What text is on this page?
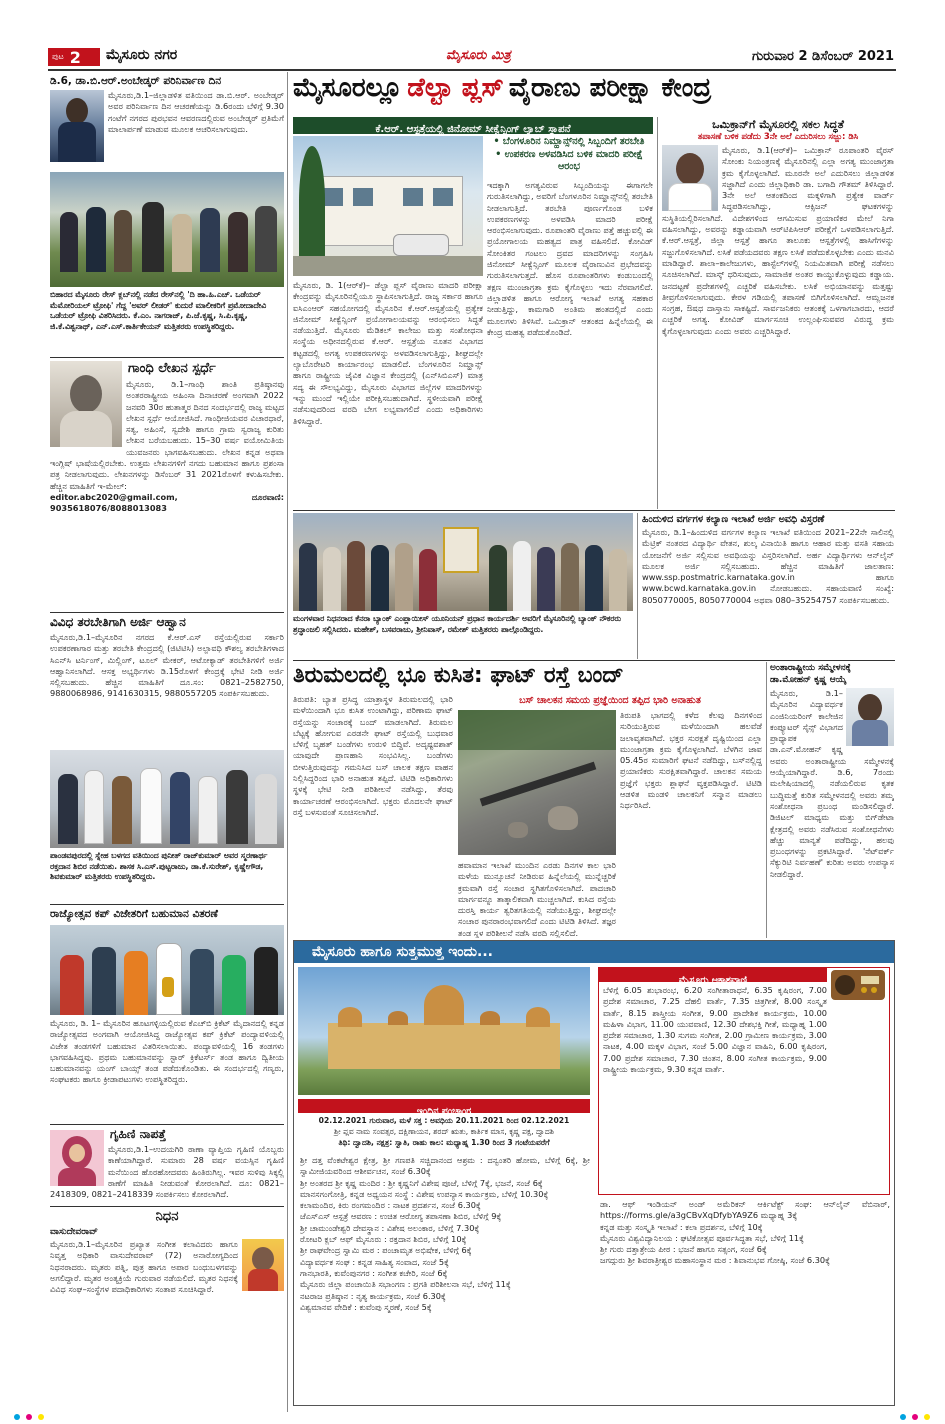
ಪುಟ 2 ಮೈಸೂರು ನಗರ	ಮೈಸೂರು ಮಿತ್ರ	ಗುರುವಾರ 2 ಡಿಸೆಂಬರ್ 2021
ಡಿ.6, ಡಾ.ಬಿ.ಆರ್.ಅಂಬೇಡ್ಕರ್ ಪರಿನಿರ್ವಾಣ ದಿನ
ಮೈಸೂರು,ಡಿ.1–ಜಿಲ್ಲಾಡಳಿತ ವತಿಯಿಂದ ಡಾ.ಬಿ.ಆರ್. ಅಂಬೇಡ್ಕರ್ ಅವರ ಪರಿನಿರ್ವಾಣ ದಿನ ಆಚರಣೆಯನ್ನು ಡಿ.6ರಂದು ಬೆಳಿಗ್ಗೆ 9.30 ಗಂಟೆಗೆ ನಗರದ ಪುರಭವನ ಆವರಣದಲ್ಲಿರುವ ಅಂಬೇಡ್ಕರ್ ಪ್ರತಿಮೆಗೆ ಮಾಲಾರ್ಪಣೆ ಮಾಡುವ ಮೂಲಕ ಆಚರಿಸಲಾಗುವುದು.
ಬಿಹಾರದ ಮೈಸೂರು ರೇಸ್ ಕ್ಲಬ್‌ನಲ್ಲಿ ನಡೆದ ರೇಸ್‌ನಲ್ಲಿ 'ದಿ ಹಾ.ಹಿ.ಎಚ್. ಒಡೆಯರ್ ಮೆಮೋರಿಯಲ್ ಟ್ರೋಫಿ' ಗೆದ್ದ 'ಅವರ್ ಲೀಡರ್' ಕುದುರೆ ಮಾಲೀಕರಿಗೆ ಪ್ರಮೋದಾದೇವಿ ಒಡೆಯರ್ ಟ್ರೋಫಿ ವಿತರಿಸಿದರು. ಕೆ.ಎಂ. ನಾಗರಾಜ್, ಪಿ.ಜೆ.ಕೃಷ್ಣ, ಸಿ.ಪಿ.ಕೃಷ್ಣ, ಜಿ.ಕೆ.ವಿಶ್ವನಾಥ್, ಎನ್.ಎಸ್.ಕಾರ್ತಿಕೇಯನ್ ಮತ್ತಿತರರು ಉಪಸ್ಥಿತರಿದ್ದರು.
ಗಾಂಧಿ ಲೇಖನ ಸ್ಪರ್ಧೆ
ಮೈಸೂರು, ಡಿ.1–ಗಾಂಧಿ ಶಾಂತಿ ಪ್ರತಿಷ್ಠಾನವು ಅಂತರರಾಷ್ಟ್ರೀಯ ಅಹಿಂಸಾ ದಿನಾಚರಣೆ ಅಂಗವಾಗಿ 2022 ಜನವರಿ 30ರ ಹುತಾತ್ಮರ ದಿನದ ಸಂದರ್ಭದಲ್ಲಿ ರಾಜ್ಯ ಮಟ್ಟದ ಲೇಖನ ಸ್ಪರ್ಧೆ ಆಯೋಜಿಸಿದೆ. ಗಾಂಧೀಜಿಯವರ ವಿಚಾರಧಾರೆ, ಸತ್ಯ, ಅಹಿಂಸೆ, ಸ್ವದೇಶಿ ಹಾಗೂ ಗ್ರಾಮ ಸ್ವರಾಜ್ಯ ಕುರಿತು ಲೇಖನ ಬರೆಯಬಹುದು. 15–30 ವರ್ಷ ವಯೋಮಿತಿಯ ಯುವಜನರು ಭಾಗವಹಿಸಬಹುದು. ಲೇಖನ ಕನ್ನಡ ಅಥವಾ ಇಂಗ್ಲಿಷ್ ಭಾಷೆಯಲ್ಲಿರಬೇಕು. ಉತ್ತಮ ಲೇಖನಗಳಿಗೆ ನಗದು ಬಹುಮಾನ ಹಾಗೂ ಪ್ರಶಂಸಾ ಪತ್ರ ನೀಡಲಾಗುವುದು. ಲೇಖನಗಳನ್ನು ಡಿಸೆಂಬರ್ 31 2021ರೊಳಗೆ ಕಳುಹಿಸಬೇಕು. ಹೆಚ್ಚಿನ ಮಾಹಿತಿಗೆ ಇ-ಮೇಲ್:
editor.abc2020@gmail.com, ದೂರವಾಣಿ: 9035618076/8088013083
ವಿವಿಧ ತರಬೇತಿಗಾಗಿ ಅರ್ಜಿ ಆಹ್ವಾನ
ಮೈಸೂರು,ಡಿ.1–ಮೈಸೂರಿನ ನಗರದ ಕೆ.ಆರ್.ಎಸ್ ರಸ್ತೆಯಲ್ಲಿರುವ ಸರ್ಕಾರಿ ಉಪಕರಣಾಗಾರ ಮತ್ತು ತರಬೇತಿ ಕೇಂದ್ರದಲ್ಲಿ (ಜಿಟಿಟಿಸಿ) ಅಲ್ಪಾವಧಿ ಕೌಶಲ್ಯ ತರಬೇತಿಗಳಾದ ಸಿಎನ್‌ಸಿ ಟರ್ನಿಂಗ್, ಮಿಲ್ಲಿಂಗ್, ಟೂಲ್ ಮೇಕರ್, ಆಟೋಕ್ಯಾಡ್ ತರಬೇತಿಗಳಿಗೆ ಅರ್ಜಿ ಆಹ್ವಾನಿಸಲಾಗಿದೆ. ಆಸಕ್ತ ಅಭ್ಯರ್ಥಿಗಳು ಡಿ.15ರೊಳಗೆ ಕೇಂದ್ರಕ್ಕೆ ಭೇಟಿ ನೀಡಿ ಅರ್ಜಿ ಸಲ್ಲಿಸಬಹುದು. ಹೆಚ್ಚಿನ ಮಾಹಿತಿಗೆ ದೂ.ಸಂ: 0821–2582750, 9880068986, 9141630315, 9880557205 ಸಂಪರ್ಕಿಸಬಹುದು.
ಪಾಂಡವಪುರದಲ್ಲಿ ಸ್ನೇಹ ಬಳಗದ ವತಿಯಿಂದ ಪುನೀತ್ ರಾಜ್‌ಕುಮಾರ್ ಅವರ ಸ್ಮರಣಾರ್ಥ ರಕ್ತದಾನ ಶಿಬಿರ ನಡೆಯಿತು. ಶಾಸಕ ಸಿ.ಎಸ್.ಪುಟ್ಟರಾಜು, ಡಾ.ಕೆ.ಸುರೇಶ್, ಕೃಷ್ಣೇಗೌಡ, ಶಿವಕುಮಾರ್ ಮತ್ತಿತರರು ಉಪಸ್ಥಿತರಿದ್ದರು.
ರಾಜ್ಯೋತ್ಸವ ಕಪ್ ವಿಜೇತರಿಗೆ ಬಹುಮಾನ ವಿತರಣೆ
ಮೈಸೂರು, ಡಿ. 1– ಮೈಸೂರಿನ ಹೂಟಗಳ್ಳಿಯಲ್ಲಿರುವ ಕೆಎಚ್‌ಬಿ ಕ್ರಿಕೆಟ್ ಮೈದಾನದಲ್ಲಿ ಕನ್ನಡ ರಾಜ್ಯೋತ್ಸವದ ಅಂಗವಾಗಿ ಆಯೋಜಿಸಿದ್ದ ರಾಜ್ಯೋತ್ಸವ ಕಪ್ ಕ್ರಿಕೆಟ್ ಪಂದ್ಯಾವಳಿಯಲ್ಲಿ ವಿಜೇತ ತಂಡಗಳಿಗೆ ಬಹುಮಾನ ವಿತರಿಸಲಾಯಿತು. ಪಂದ್ಯಾವಳಿಯಲ್ಲಿ 16 ತಂಡಗಳು ಭಾಗವಹಿಸಿದ್ದವು. ಪ್ರಥಮ ಬಹುಮಾನವನ್ನು ಸ್ಟಾರ್ ಕ್ರಿಕೆಟರ್ಸ್ ತಂಡ ಹಾಗೂ ದ್ವಿತೀಯ ಬಹುಮಾನವನ್ನು ಯಂಗ್ ಬಾಯ್ಸ್ ತಂಡ ಪಡೆದುಕೊಂಡಿತು. ಈ ಸಂದರ್ಭದಲ್ಲಿ ಗಣ್ಯರು, ಸಂಘಟಕರು ಹಾಗೂ ಕ್ರೀಡಾಪಟುಗಳು ಉಪಸ್ಥಿತರಿದ್ದರು.
ಗೃಹಿಣಿ ನಾಪತ್ತೆ
ಮೈಸೂರು,ಡಿ.1–ಉದಯಗಿರಿ ಠಾಣಾ ವ್ಯಾಪ್ತಿಯ ಗೃಹಿಣಿ ಯೊಬ್ಬರು ಕಾಣೆಯಾಗಿದ್ದಾರೆ. ಸುಮಾರು 28 ವರ್ಷ ವಯಸ್ಸಿನ ಗೃಹಿಣಿ ಮನೆಯಿಂದ ಹೊರಹೋದವರು ಹಿಂತಿರುಗಿಲ್ಲ. ಇವರ ಸುಳಿವು ಸಿಕ್ಕಲ್ಲಿ ಠಾಣೆಗೆ ಮಾಹಿತಿ ನೀಡುವಂತೆ ಕೋರಲಾಗಿದೆ. ದೂ: 0821–2418309, 0821–2418339 ಸಂಪರ್ಕಿಸಲು ಕೋರಲಾಗಿದೆ.
ನಿಧನ
ವಾಸುದೇವರಾವ್
ಮೈಸೂರು,ಡಿ.1–ಮೈಸೂರಿನ ಪ್ರಖ್ಯಾತ ಸಂಗೀತ ಕಲಾವಿದರು ಹಾಗೂ ನಿವೃತ್ತ ಅಧಿಕಾರಿ ವಾಸುದೇವರಾವ್ (72) ಅನಾರೋಗ್ಯದಿಂದ ನಿಧನರಾದರು. ಮೃತರು ಪತ್ನಿ, ಪುತ್ರ ಹಾಗೂ ಅಪಾರ ಬಂಧುಬಳಗವನ್ನು ಅಗಲಿದ್ದಾರೆ. ಮೃತರ ಅಂತ್ಯಕ್ರಿಯೆ ಗುರುವಾರ ನಡೆಯಲಿದೆ. ಮೃತರ ನಿಧನಕ್ಕೆ ವಿವಿಧ ಸಂಘ–ಸಂಸ್ಥೆಗಳ ಪದಾಧಿಕಾರಿಗಳು ಸಂತಾಪ ಸೂಚಿಸಿದ್ದಾರೆ.
ಮೈಸೂರಲ್ಲೂ ಡೆಲ್ಟಾ ಪ್ಲಸ್ ವೈರಾಣು ಪರೀಕ್ಷಾ ಕೇಂದ್ರ
ಕೆ.ಆರ್. ಆಸ್ಪತ್ರೆಯಲ್ಲಿ ಜಿನೋಮ್ ಸೀಕ್ವೆನ್ಸಿಂಗ್ ಲ್ಯಾಬ್ ಸ್ಥಾಪನೆ
• ಬೆಂಗಳೂರಿನ ನಿಮ್ಹಾನ್ಸ್‌ನಲ್ಲಿ ಸಿಬ್ಬಂದಿಗೆ ತರಬೇತಿ
• ಉಪಕರಣ ಅಳವಡಿಸಿದ ಬಳಿಕ ಮಾದರಿ ಪರೀಕ್ಷೆ ಆರಂಭ
ಮೈಸೂರು, ಡಿ. 1(ಆರ್‌ಕೆ)– ಡೆಲ್ಟಾ ಪ್ಲಸ್ ವೈರಾಣು ಮಾದರಿ ಪರೀಕ್ಷಾ ಕೇಂದ್ರವನ್ನು ಮೈಸೂರಿನಲ್ಲಿಯೂ ಸ್ಥಾಪಿಸಲಾಗುತ್ತಿದೆ. ರಾಜ್ಯ ಸರ್ಕಾರ ಹಾಗೂ ಐಸಿಎಂಆರ್ ಸಹಯೋಗದಲ್ಲಿ ಮೈಸೂರಿನ ಕೆ.ಆರ್.ಆಸ್ಪತ್ರೆಯಲ್ಲಿ ಪ್ರತ್ಯೇಕ ಜಿನೋಮ್ ಸೀಕ್ವೆನ್ಸಿಂಗ್ ಪ್ರಯೋಗಾಲಯವನ್ನು ಆರಂಭಿಸಲು ಸಿದ್ಧತೆ ನಡೆಯುತ್ತಿದೆ. ಮೈಸೂರು ಮೆಡಿಕಲ್ ಕಾಲೇಜು ಮತ್ತು ಸಂಶೋಧನಾ ಸಂಸ್ಥೆಯ ಅಧೀನದಲ್ಲಿರುವ ಕೆ.ಆರ್. ಆಸ್ಪತ್ರೆಯ ನೂತನ ವಿಭಾಗದ ಕಟ್ಟಡದಲ್ಲಿ ಅಗತ್ಯ ಉಪಕರಣಗಳನ್ನು ಅಳವಡಿಸಲಾಗುತ್ತಿದ್ದು, ಶೀಘ್ರದಲ್ಲೇ ಲ್ಯಾಬೊರೇಟರಿ ಕಾರ್ಯಾರಂಭ ಮಾಡಲಿದೆ. ಬೆಂಗಳೂರಿನ ನಿಮ್ಹಾನ್ಸ್ ಹಾಗೂ ರಾಷ್ಟ್ರೀಯ ಜೈವಿಕ ವಿಜ್ಞಾನ ಕೇಂದ್ರದಲ್ಲಿ (ಎನ್‌ಸಿಬಿಎಸ್) ಮಾತ್ರ ಸದ್ಯ ಈ ಸೌಲಭ್ಯವಿದ್ದು, ಮೈಸೂರು ವಿಭಾಗದ ಜಿಲ್ಲೆಗಳ ಮಾದರಿಗಳನ್ನು ಇನ್ನು ಮುಂದೆ ಇಲ್ಲಿಯೇ ಪರೀಕ್ಷಿಸಬಹುದಾಗಿದೆ. ಸ್ಥಳೀಯವಾಗಿ ಪರೀಕ್ಷೆ ನಡೆಸುವುದರಿಂದ ವರದಿ ಬೇಗ ಲಭ್ಯವಾಗಲಿದೆ ಎಂದು ಅಧಿಕಾರಿಗಳು ತಿಳಿಸಿದ್ದಾರೆ.
ಇದಕ್ಕಾಗಿ ಅಗತ್ಯವಿರುವ ಸಿಬ್ಬಂದಿಯನ್ನು ಈಗಾಗಲೇ ಗುರುತಿಸಲಾಗಿದ್ದು, ಅವರಿಗೆ ಬೆಂಗಳೂರಿನ ನಿಮ್ಹಾನ್ಸ್‌ನಲ್ಲಿ ತರಬೇತಿ ನೀಡಲಾಗುತ್ತಿದೆ. ತರಬೇತಿ ಪೂರ್ಣಗೊಂಡ ಬಳಿಕ ಉಪಕರಣಗಳನ್ನು ಅಳವಡಿಸಿ ಮಾದರಿ ಪರೀಕ್ಷೆ ಆರಂಭಿಸಲಾಗುವುದು. ರೂಪಾಂತರಿ ವೈರಾಣು ಪತ್ತೆ ಹಚ್ಚುವಲ್ಲಿ ಈ ಪ್ರಯೋಗಾಲಯ ಮಹತ್ವದ ಪಾತ್ರ ವಹಿಸಲಿದೆ. ಕೋವಿಡ್ ಸೋಂಕಿತರ ಗಂಟಲು ದ್ರವದ ಮಾದರಿಗಳನ್ನು ಸಂಗ್ರಹಿಸಿ ಜಿನೋಮ್ ಸೀಕ್ವೆನ್ಸಿಂಗ್ ಮೂಲಕ ವೈರಾಣುವಿನ ಪ್ರಭೇದವನ್ನು ಗುರುತಿಸಲಾಗುತ್ತದೆ. ಹೊಸ ರೂಪಾಂತರಿಗಳು ಕಂಡುಬಂದಲ್ಲಿ ತಕ್ಷಣ ಮುಂಜಾಗ್ರತಾ ಕ್ರಮ ಕೈಗೊಳ್ಳಲು ಇದು ನೆರವಾಗಲಿದೆ. ಜಿಲ್ಲಾಡಳಿತ ಹಾಗೂ ಆರೋಗ್ಯ ಇಲಾಖೆ ಅಗತ್ಯ ಸಹಕಾರ ನೀಡುತ್ತಿದ್ದು, ಕಾಮಗಾರಿ ಅಂತಿಮ ಹಂತದಲ್ಲಿದೆ ಎಂದು ಮೂಲಗಳು ತಿಳಿಸಿವೆ. ಒಮಿಕ್ರಾನ್ ಆತಂಕದ ಹಿನ್ನೆಲೆಯಲ್ಲಿ ಈ ಕೇಂದ್ರ ಮಹತ್ವ ಪಡೆದುಕೊಂಡಿದೆ.
ಒಮಿಕ್ರಾನ್‌ಗೆ ಮೈಸೂರಲ್ಲಿ ಸಕಲ ಸಿದ್ಧತೆ
ತಪಾಸಣೆ ಬಳಿಕ ಪಡೆದು 3ನೇ ಅಲೆ ಎದುರಿಸಲು ಸಜ್ಜು: ಡಿಸಿ
ಮೈಸೂರು, ಡಿ.1(ಆರ್‌ಕೆ)– ಒಮಿಕ್ರಾನ್ ರೂಪಾಂತರಿ ವೈರಸ್ ಸೋಂಕು ನಿಯಂತ್ರಣಕ್ಕೆ ಮೈಸೂರಿನಲ್ಲಿ ಎಲ್ಲಾ ಅಗತ್ಯ ಮುಂಜಾಗ್ರತಾ ಕ್ರಮ ಕೈಗೊಳ್ಳಲಾಗಿದೆ. ಮೂರನೇ ಅಲೆ ಎದುರಿಸಲು ಜಿಲ್ಲಾಡಳಿತ ಸಜ್ಜಾಗಿದೆ ಎಂದು ಜಿಲ್ಲಾಧಿಕಾರಿ ಡಾ. ಬಗಾದಿ ಗೌತಮ್ ತಿಳಿಸಿದ್ದಾರೆ. 3ನೇ ಅಲೆ ಆತಂಕದಿಂದ ಮಕ್ಕಳಿಗಾಗಿ ಪ್ರತ್ಯೇಕ ವಾರ್ಡ್ ಸಿದ್ಧಪಡಿಸಲಾಗಿದ್ದು, ಆಕ್ಸಿಜನ್ ಘಟಕಗಳನ್ನು ಸುಸ್ಥಿತಿಯಲ್ಲಿರಿಸಲಾಗಿದೆ. ವಿದೇಶಗಳಿಂದ ಆಗಮಿಸುವ ಪ್ರಯಾಣಿಕರ ಮೇಲೆ ನಿಗಾ ವಹಿಸಲಾಗಿದ್ದು, ಅವರನ್ನು ಕಡ್ಡಾಯವಾಗಿ ಆರ್‌ಟಿಪಿಸಿಆರ್ ಪರೀಕ್ಷೆಗೆ ಒಳಪಡಿಸಲಾಗುತ್ತಿದೆ. ಕೆ.ಆರ್.ಆಸ್ಪತ್ರೆ, ಜಿಲ್ಲಾ ಆಸ್ಪತ್ರೆ ಹಾಗೂ ತಾಲೂಕು ಆಸ್ಪತ್ರೆಗಳಲ್ಲಿ ಹಾಸಿಗೆಗಳನ್ನು ಸಜ್ಜುಗೊಳಿಸಲಾಗಿದೆ. ಲಸಿಕೆ ಪಡೆಯದವರು ತಕ್ಷಣ ಲಸಿಕೆ ಪಡೆದುಕೊಳ್ಳಬೇಕು ಎಂದು ಮನವಿ ಮಾಡಿದ್ದಾರೆ. ಶಾಲಾ–ಕಾಲೇಜುಗಳು, ಹಾಸ್ಟೆಲ್‌ಗಳಲ್ಲಿ ನಿಯಮಿತವಾಗಿ ಪರೀಕ್ಷೆ ನಡೆಸಲು ಸೂಚಿಸಲಾಗಿದೆ. ಮಾಸ್ಕ್ ಧರಿಸುವುದು, ಸಾಮಾಜಿಕ ಅಂತರ ಕಾಯ್ದುಕೊಳ್ಳುವುದು ಕಡ್ಡಾಯ. ಜನದಟ್ಟಣೆ ಪ್ರದೇಶಗಳಲ್ಲಿ ಎಚ್ಚರಿಕೆ ವಹಿಸಬೇಕು. ಲಸಿಕೆ ಅಭಿಯಾನವನ್ನು ಮತ್ತಷ್ಟು ತೀವ್ರಗೊಳಿಸಲಾಗುವುದು. ಕೇರಳ ಗಡಿಯಲ್ಲಿ ತಪಾಸಣೆ ಬಿಗಿಗೊಳಿಸಲಾಗಿದೆ. ಆಮ್ಲಜನಕ ಸಂಗ್ರಹ, ಔಷಧ ದಾಸ್ತಾನು ಸಾಕಷ್ಟಿದೆ. ಸಾರ್ವಜನಿಕರು ಆತಂಕಕ್ಕೆ ಒಳಗಾಗಬಾರದು, ಆದರೆ ಎಚ್ಚರಿಕೆ ಅಗತ್ಯ. ಕೋವಿಡ್ ಮಾರ್ಗಸೂಚಿ ಉಲ್ಲಂಘಿಸುವವರ ವಿರುದ್ಧ ಕ್ರಮ ಕೈಗೊಳ್ಳಲಾಗುವುದು ಎಂದು ಅವರು ಎಚ್ಚರಿಸಿದ್ದಾರೆ.
ಮಂಗಳವಾರ ನಿಧನರಾದ ಕೆನರಾ ಬ್ಯಾಂಕ್ ಎಂಪ್ಲಾಯೀಸ್ ಯೂನಿಯನ್ ಪ್ರಧಾನ ಕಾರ್ಯದರ್ಶಿ ಅವರಿಗೆ ಮೈಸೂರಿನಲ್ಲಿ ಬ್ಯಾಂಕ್ ನೌಕರರು ಶ್ರದ್ಧಾಂಜಲಿ ಸಲ್ಲಿಸಿದರು. ಮಹೇಶ್, ಬಸವರಾಜು, ಶ್ರೀನಿವಾಸ್, ರಮೇಶ್ ಮತ್ತಿತರರು ಪಾಲ್ಗೊಂಡಿದ್ದರು.
ಹಿಂದುಳಿದ ವರ್ಗಗಳ ಕಲ್ಯಾಣ ಇಲಾಖೆ ಅರ್ಜಿ ಅವಧಿ ವಿಸ್ತರಣೆ
ಮೈಸೂರು, ಡಿ.1–ಹಿಂದುಳಿದ ವರ್ಗಗಳ ಕಲ್ಯಾಣ ಇಲಾಖೆ ವತಿಯಿಂದ 2021–22ನೇ ಸಾಲಿನಲ್ಲಿ ಮೆಟ್ರಿಕ್ ನಂತರದ ವಿದ್ಯಾರ್ಥಿ ವೇತನ, ಶುಲ್ಕ ವಿನಾಯಿತಿ ಹಾಗೂ ಆಹಾರ ಮತ್ತು ವಸತಿ ಸಹಾಯ ಯೋಜನೆಗೆ ಅರ್ಜಿ ಸಲ್ಲಿಸುವ ಅವಧಿಯನ್ನು ವಿಸ್ತರಿಸಲಾಗಿದೆ. ಅರ್ಹ ವಿದ್ಯಾರ್ಥಿಗಳು ಆನ್‌ಲೈನ್ ಮೂಲಕ ಅರ್ಜಿ ಸಲ್ಲಿಸಬಹುದು. ಹೆಚ್ಚಿನ ಮಾಹಿತಿಗೆ ಜಾಲತಾಣ: www.ssp.postmatric.karnataka.gov.in ಹಾಗೂ www.bcwd.karnataka.gov.in ನೋಡಬಹುದು. ಸಹಾಯವಾಣಿ ಸಂಖ್ಯೆ: 8050770005, 8050770004 ಅಥವಾ 080–35254757 ಸಂಪರ್ಕಿಸಬಹುದು.
ತಿರುಮಲದಲ್ಲಿ ಭೂ ಕುಸಿತ: ಘಾಟ್ ರಸ್ತೆ ಬಂದ್
ಬಸ್ ಚಾಲಕನ ಸಮಯ ಪ್ರಜ್ಞೆಯಿಂದ ತಪ್ಪಿದ ಭಾರಿ ಅನಾಹುತ
ತಿರುಪತಿ: ಬ್ಯಾತ ಪ್ರಸಿದ್ಧ ಯಾತ್ರಾಸ್ಥಳ ತಿರುಮಲದಲ್ಲಿ ಭಾರಿ ಮಳೆಯಿಂದಾಗಿ ಭೂ ಕುಸಿತ ಉಂಟಾಗಿದ್ದು, ಪರಿಣಾಮ ಘಾಟ್ ರಸ್ತೆಯನ್ನು ಸಂಚಾರಕ್ಕೆ ಬಂದ್ ಮಾಡಲಾಗಿದೆ. ತಿರುಮಲ ಬೆಟ್ಟಕ್ಕೆ ಹೋಗುವ ಎರಡನೇ ಘಾಟ್ ರಸ್ತೆಯಲ್ಲಿ ಬುಧವಾರ ಬೆಳಿಗ್ಗೆ ಬೃಹತ್ ಬಂಡೆಗಳು ಉರುಳಿ ಬಿದ್ದಿವೆ. ಅದೃಷ್ಟವಶಾತ್ ಯಾವುದೇ ಪ್ರಾಣಹಾನಿ ಸಂಭವಿಸಿಲ್ಲ. ಬಂಡೆಗಳು ಬೀಳುತ್ತಿರುವುದನ್ನು ಗಮನಿಸಿದ ಬಸ್ ಚಾಲಕ ತಕ್ಷಣ ವಾಹನ ನಿಲ್ಲಿಸಿದ್ದರಿಂದ ಭಾರಿ ಅನಾಹುತ ತಪ್ಪಿದೆ. ಟಿಟಿಡಿ ಅಧಿಕಾರಿಗಳು ಸ್ಥಳಕ್ಕೆ ಭೇಟಿ ನೀಡಿ ಪರಿಶೀಲನೆ ನಡೆಸಿದ್ದು, ತೆರವು ಕಾರ್ಯಾಚರಣೆ ಆರಂಭಿಸಲಾಗಿದೆ. ಭಕ್ತರು ಮೊದಲನೇ ಘಾಟ್ ರಸ್ತೆ ಬಳಸುವಂತೆ ಸೂಚಿಸಲಾಗಿದೆ.
ಹವಾಮಾನ ಇಲಾಖೆ ಮುಂದಿನ ಎರಡು ದಿನಗಳ ಕಾಲ ಭಾರಿ ಮಳೆಯ ಮುನ್ಸೂಚನೆ ನೀಡಿರುವ ಹಿನ್ನೆಲೆಯಲ್ಲಿ ಮುನ್ನೆಚ್ಚರಿಕೆ ಕ್ರಮವಾಗಿ ರಸ್ತೆ ಸಂಚಾರ ಸ್ಥಗಿತಗೊಳಿಸಲಾಗಿದೆ. ಪಾದಚಾರಿ ಮಾರ್ಗವನ್ನೂ ತಾತ್ಕಾಲಿಕವಾಗಿ ಮುಚ್ಚಲಾಗಿದೆ. ಕುಸಿದ ರಸ್ತೆಯ ದುರಸ್ತಿ ಕಾರ್ಯ ತ್ವರಿತಗತಿಯಲ್ಲಿ ನಡೆಯುತ್ತಿದ್ದು, ಶೀಘ್ರದಲ್ಲೇ ಸಂಚಾರ ಪುನರಾರಂಭವಾಗಲಿದೆ ಎಂದು ಟಿಟಿಡಿ ತಿಳಿಸಿದೆ. ತಜ್ಞರ ತಂಡ ಸ್ಥಳ ಪರಿಶೀಲನೆ ನಡೆಸಿ ವರದಿ ಸಲ್ಲಿಸಲಿದೆ.
ತಿರುಪತಿ ಭಾಗದಲ್ಲಿ ಕಳೆದ ಕೆಲವು ದಿನಗಳಿಂದ ಸುರಿಯುತ್ತಿರುವ ಮಳೆಯಿಂದಾಗಿ ಹಲವೆಡೆ ಜಲಾವೃತವಾಗಿದೆ. ಭಕ್ತರ ಸುರಕ್ಷತೆ ದೃಷ್ಟಿಯಿಂದ ಎಲ್ಲಾ ಮುಂಜಾಗ್ರತಾ ಕ್ರಮ ಕೈಗೊಳ್ಳಲಾಗಿದೆ. ಬೆಳಗಿನ ಜಾವ 05.45ರ ಸುಮಾರಿಗೆ ಘಟನೆ ನಡೆದಿದ್ದು, ಬಸ್‌ನಲ್ಲಿದ್ದ ಪ್ರಯಾಣಿಕರು ಸುರಕ್ಷಿತವಾಗಿದ್ದಾರೆ. ಚಾಲಕನ ಸಮಯ ಪ್ರಜ್ಞೆಗೆ ಭಕ್ತರು ಶ್ಲಾಘನೆ ವ್ಯಕ್ತಪಡಿಸಿದ್ದಾರೆ. ಟಿಟಿಡಿ ಆಡಳಿತ ಮಂಡಳಿ ಚಾಲಕನಿಗೆ ಸನ್ಮಾನ ಮಾಡಲು ನಿರ್ಧರಿಸಿದೆ.
ಅಂತಾರಾಷ್ಟ್ರೀಯ ಸಮ್ಮೇಳನಕ್ಕೆ ಡಾ.ಮೋಹನ್ ಕೃಷ್ಣ ಆಯ್ಕೆ
ಮೈಸೂರು, ಡಿ.1–ಮೈಸೂರಿನ ವಿದ್ಯಾವರ್ಧಕ ಎಂಜಿನಿಯರಿಂಗ್ ಕಾಲೇಜಿನ ಕಂಪ್ಯೂಟರ್ ಸೈನ್ಸ್ ವಿಭಾಗದ ಪ್ರಾಧ್ಯಾಪಕ ಡಾ.ಎನ್.ಮೋಹನ್ ಕೃಷ್ಣ ಅವರು ಅಂತಾರಾಷ್ಟ್ರೀಯ ಸಮ್ಮೇಳನಕ್ಕೆ ಆಯ್ಕೆಯಾಗಿದ್ದಾರೆ. ಡಿ.6, 7ರಂದು ಮಲೇಷಿಯಾದಲ್ಲಿ ನಡೆಯಲಿರುವ ಕೃತಕ ಬುದ್ಧಿಮತ್ತೆ ಕುರಿತ ಸಮ್ಮೇಳನದಲ್ಲಿ ಅವರು ತಮ್ಮ ಸಂಶೋಧನಾ ಪ್ರಬಂಧ ಮಂಡಿಸಲಿದ್ದಾರೆ. ಡಿಜಿಟಲ್ ಮಾಧ್ಯಮ ಮತ್ತು ಬಿಗ್‌ಡೇಟಾ ಕ್ಷೇತ್ರದಲ್ಲಿ ಅವರು ನಡೆಸಿರುವ ಸಂಶೋಧನೆಗಳು ಹೆಚ್ಚು ಮಾನ್ಯತೆ ಪಡೆದಿದ್ದು, ಹಲವು ಪ್ರಬಂಧಗಳನ್ನು ಪ್ರಕಟಿಸಿದ್ದಾರೆ. 'ನೆಟ್‌ವರ್ಕ್ ಸೆಕ್ಯುರಿಟಿ ನಿರ್ವಹಣೆ' ಕುರಿತು ಅವರು ಉಪನ್ಯಾಸ ನೀಡಲಿದ್ದಾರೆ.
ಮೈಸೂರು ಹಾಗೂ ಸುತ್ತಮುತ್ತ ಇಂದು...
ಇಂದಿನ ಪಂಚಾಂಗ
02.12.2021 ಗುರುವಾರ, ಮಳೆ ಸಕ್ತ : ಅವಧಿಯ 20.11.2021 ರಿಂದ 02.12.2021
ಶ್ರೀ ಪ್ಲವ ನಾಮ ಸಂವತ್ಸರ, ದಕ್ಷಿಣಾಯನ, ಶರದ್ ಋತು, ಕಾರ್ತಿಕ ಮಾಸ, ಕೃಷ್ಣ ಪಕ್ಷ, ದ್ವಾದಶಿ
ತಿಥಿ: ದ್ವಾದಶಿ, ನಕ್ಷತ್ರ: ಸ್ವಾತಿ, ರಾಹು ಕಾಲ: ಮಧ್ಯಾಹ್ನ 1.30 ರಿಂದ 3 ಗಂಟೆಯವರೆಗೆ
ಶ್ರೀ ದತ್ತ ವೆಂಕಟೇಶ್ವರ ಕ್ಷೇತ್ರ, ಶ್ರೀ ಗಣಪತಿ ಸಚ್ಚಿದಾನಂದ ಆಶ್ರಮ : ದನ್ವಂತರಿ ಹೋಮ, ಬೆಳಿಗ್ಗೆ 6ಕ್ಕೆ, ಶ್ರೀ ಸ್ವಾಮೀಜಿಯವರಿಂದ ಆಶೀರ್ವಚನ, ಸಂಜೆ 6.30ಕ್ಕೆ
ಶ್ರೀ ಅಂತರದ ಶ್ರೀ ಕೃಷ್ಣ ಮಂದಿರ : ಶ್ರೀ ಕೃಷ್ಣನಿಗೆ ವಿಶೇಷ ಪೂಜೆ, ಬೆಳಿಗ್ಗೆ 7ಕ್ಕೆ, ಭಜನೆ, ಸಂಜೆ 6ಕ್ಕೆ
ಮಾನಸಗಂಗೋತ್ರಿ, ಕನ್ನಡ ಅಧ್ಯಯನ ಸಂಸ್ಥೆ : ವಿಶೇಷ ಉಪನ್ಯಾಸ ಕಾರ್ಯಕ್ರಮ, ಬೆಳಿಗ್ಗೆ 10.30ಕ್ಕೆ
ಕಲಾಮಂದಿರ, ಕಿರು ರಂಗಮಂದಿರ : ನಾಟಕ ಪ್ರದರ್ಶನ, ಸಂಜೆ 6.30ಕ್ಕೆ
ಜೆಎಸ್ಎಸ್ ಆಸ್ಪತ್ರೆ ಆವರಣ : ಉಚಿತ ಆರೋಗ್ಯ ತಪಾಸಣಾ ಶಿಬಿರ, ಬೆಳಿಗ್ಗೆ 9ಕ್ಕೆ
ಶ್ರೀ ಚಾಮುಂಡೇಶ್ವರಿ ದೇವಸ್ಥಾನ : ವಿಶೇಷ ಅಲಂಕಾರ, ಬೆಳಿಗ್ಗೆ 7.30ಕ್ಕೆ
ರೋಟರಿ ಕ್ಲಬ್ ಆಫ್ ಮೈಸೂರು : ರಕ್ತದಾನ ಶಿಬಿರ, ಬೆಳಿಗ್ಗೆ 10ಕ್ಕೆ
ಶ್ರೀ ರಾಘವೇಂದ್ರ ಸ್ವಾಮಿ ಮಠ : ಪಂಚಾಮೃತ ಅಭಿಷೇಕ, ಬೆಳಿಗ್ಗೆ 6ಕ್ಕೆ
ವಿದ್ಯಾವರ್ಧಕ ಸಂಘ : ಕನ್ನಡ ಸಾಹಿತ್ಯ ಸಂವಾದ, ಸಂಜೆ 5ಕ್ಕೆ
ಗಾನಭಾರತಿ, ಕುವೆಂಪುನಗರ : ಸಂಗೀತ ಕಚೇರಿ, ಸಂಜೆ 6ಕ್ಕೆ
ಮೈಸೂರು ಜಿಲ್ಲಾ ಪಂಚಾಯಿತಿ ಸಭಾಂಗಣ : ಪ್ರಗತಿ ಪರಿಶೀಲನಾ ಸಭೆ, ಬೆಳಿಗ್ಗೆ 11ಕ್ಕೆ
ನಟರಾಜ ಪ್ರತಿಷ್ಠಾನ : ನೃತ್ಯ ಕಾರ್ಯಕ್ರಮ, ಸಂಜೆ 6.30ಕ್ಕೆ
ವಿಶ್ವಮಾನವ ವೇದಿಕೆ : ಕುವೆಂಪು ಸ್ಮರಣೆ, ಸಂಜೆ 5ಕ್ಕೆ
ಮೈಸೂರು ಆಕಾಶವಾಣಿ
ಬೆಳಿಗ್ಗೆ 6.05 ಶುಭಾರಂಭ, 6.20 ಸಂಗೀತಾರಾಧನೆ, 6.35 ಕೃಷಿರಂಗ, 7.00 ಪ್ರದೇಶ ಸಮಾಚಾರ, 7.25 ದೆಹಲಿ ವಾರ್ತೆ, 7.35 ಚಿತ್ರಗೀತೆ, 8.00 ಸಂಸ್ಕೃತ ವಾರ್ತೆ, 8.15 ಶಾಸ್ತ್ರೀಯ ಸಂಗೀತ, 9.00 ಪ್ರಾದೇಶಿಕ ಕಾರ್ಯಕ್ರಮ, 10.00 ಮಹಿಳಾ ವಿಭಾಗ, 11.00 ಯುವವಾಣಿ, 12.30 ದೇಶಭಕ್ತಿ ಗೀತೆ, ಮಧ್ಯಾಹ್ನ 1.00 ಪ್ರದೇಶ ಸಮಾಚಾರ, 1.30 ಸುಗಮ ಸಂಗೀತ, 2.00 ಗ್ರಾಮೀಣ ಕಾರ್ಯಕ್ರಮ, 3.00 ನಾಟಕ, 4.00 ಮಕ್ಕಳ ವಿಭಾಗ, ಸಂಜೆ 5.00 ವಿಜ್ಞಾನ ವಾಹಿನಿ, 6.00 ಕೃಷಿರಂಗ, 7.00 ಪ್ರದೇಶ ಸಮಾಚಾರ, 7.30 ಚಿಂತನ, 8.00 ಸಂಗೀತ ಕಾರ್ಯಕ್ರಮ, 9.00 ರಾಷ್ಟ್ರೀಯ ಕಾರ್ಯಕ್ರಮ, 9.30 ಕನ್ನಡ ವಾರ್ತೆ.
ಡಾ. ಆಫ್ ಇಂಡಿಯನ್ ಅಂಡ್ ಅಮೆರಿಕನ್ ಆರ್ಕಿಟೆಕ್ಟ್ ಸಂಘ: ಆನ್‌ಲೈನ್ ವೆಬಿನಾರ್, https://forms.gle/a3gCBvXqDfybYA9Z6 ಮಧ್ಯಾಹ್ನ 3ಕ್ಕೆ
ಕನ್ನಡ ಮತ್ತು ಸಂಸ್ಕೃತಿ ಇಲಾಖೆ : ಕಲಾ ಪ್ರದರ್ಶನ, ಬೆಳಿಗ್ಗೆ 10ಕ್ಕೆ
ಮೈಸೂರು ವಿಶ್ವವಿದ್ಯಾನಿಲಯ : ಘಟಿಕೋತ್ಸವ ಪೂರ್ವಸಿದ್ಧತಾ ಸಭೆ, ಬೆಳಿಗ್ಗೆ 11ಕ್ಕೆ
ಶ್ರೀ ಗುರು ದತ್ತಾತ್ರೇಯ ಪೀಠ : ಭಜನೆ ಹಾಗೂ ಸತ್ಸಂಗ, ಸಂಜೆ 6ಕ್ಕೆ
ಜಗದ್ಗುರು ಶ್ರೀ ಶಿವರಾತ್ರೀಶ್ವರ ಮಹಾಸಂಸ್ಥಾನ ಮಠ : ಶಿವಾನುಭವ ಗೋಷ್ಠಿ, ಸಂಜೆ 6.30ಕ್ಕೆ
